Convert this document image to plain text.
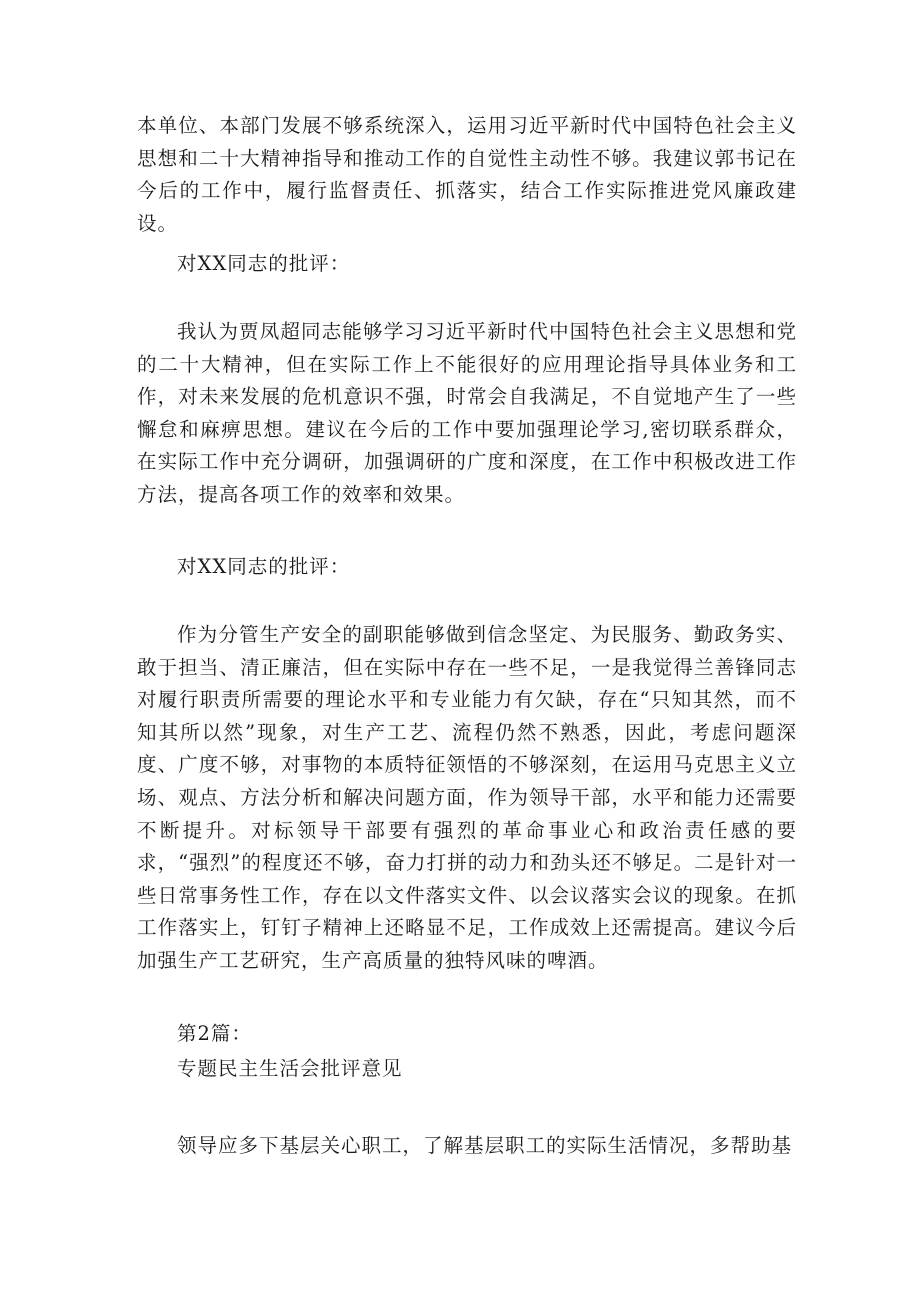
本单位、本部门发展不够系统深入，运用习近平新时代中国特色社会主义思想和二十大精神指导和推动工作的自觉性主动性不够。我建议郭书记在今后的工作中，履行监督责任、抓落实，结合工作实际推进党风廉政建设。

对XX同志的批评：

我认为贾凤超同志能够学习习近平新时代中国特色社会主义思想和党的二十大精神，但在实际工作上不能很好的应用理论指导具体业务和工作，对未来发展的危机意识不强，时常会自我满足，不自觉地产生了一些懈怠和麻痹思想。建议在今后的工作中要加强理论学习,密切联系群众，在实际工作中充分调研，加强调研的广度和深度，在工作中积极改进工作方法，提高各项工作的效率和效果。

对XX同志的批评：

作为分管生产安全的副职能够做到信念坚定、为民服务、勤政务实、敢于担当、清正廉洁，但在实际中存在一些不足，一是我觉得兰善锋同志对履行职责所需要的理论水平和专业能力有欠缺，存在“只知其然，而不知其所以然”现象，对生产工艺、流程仍然不熟悉，因此，考虑问题深度、广度不够，对事物的本质特征领悟的不够深刻，在运用马克思主义立场、观点、方法分析和解决问题方面，作为领导干部，水平和能力还需要不断提升。对标领导干部要有强烈的革命事业心和政治责任感的要求，“强烈”的程度还不够，奋力打拼的动力和劲头还不够足。二是针对一些日常事务性工作，存在以文件落实文件、以会议落实会议的现象。在抓工作落实上，钉钉子精神上还略显不足，工作成效上还需提高。建议今后加强生产工艺研究，生产高质量的独特风味的啤酒。

第2篇：

专题民主生活会批评意见

领导应多下基层关心职工，了解基层职工的实际生活情况，多帮助基
